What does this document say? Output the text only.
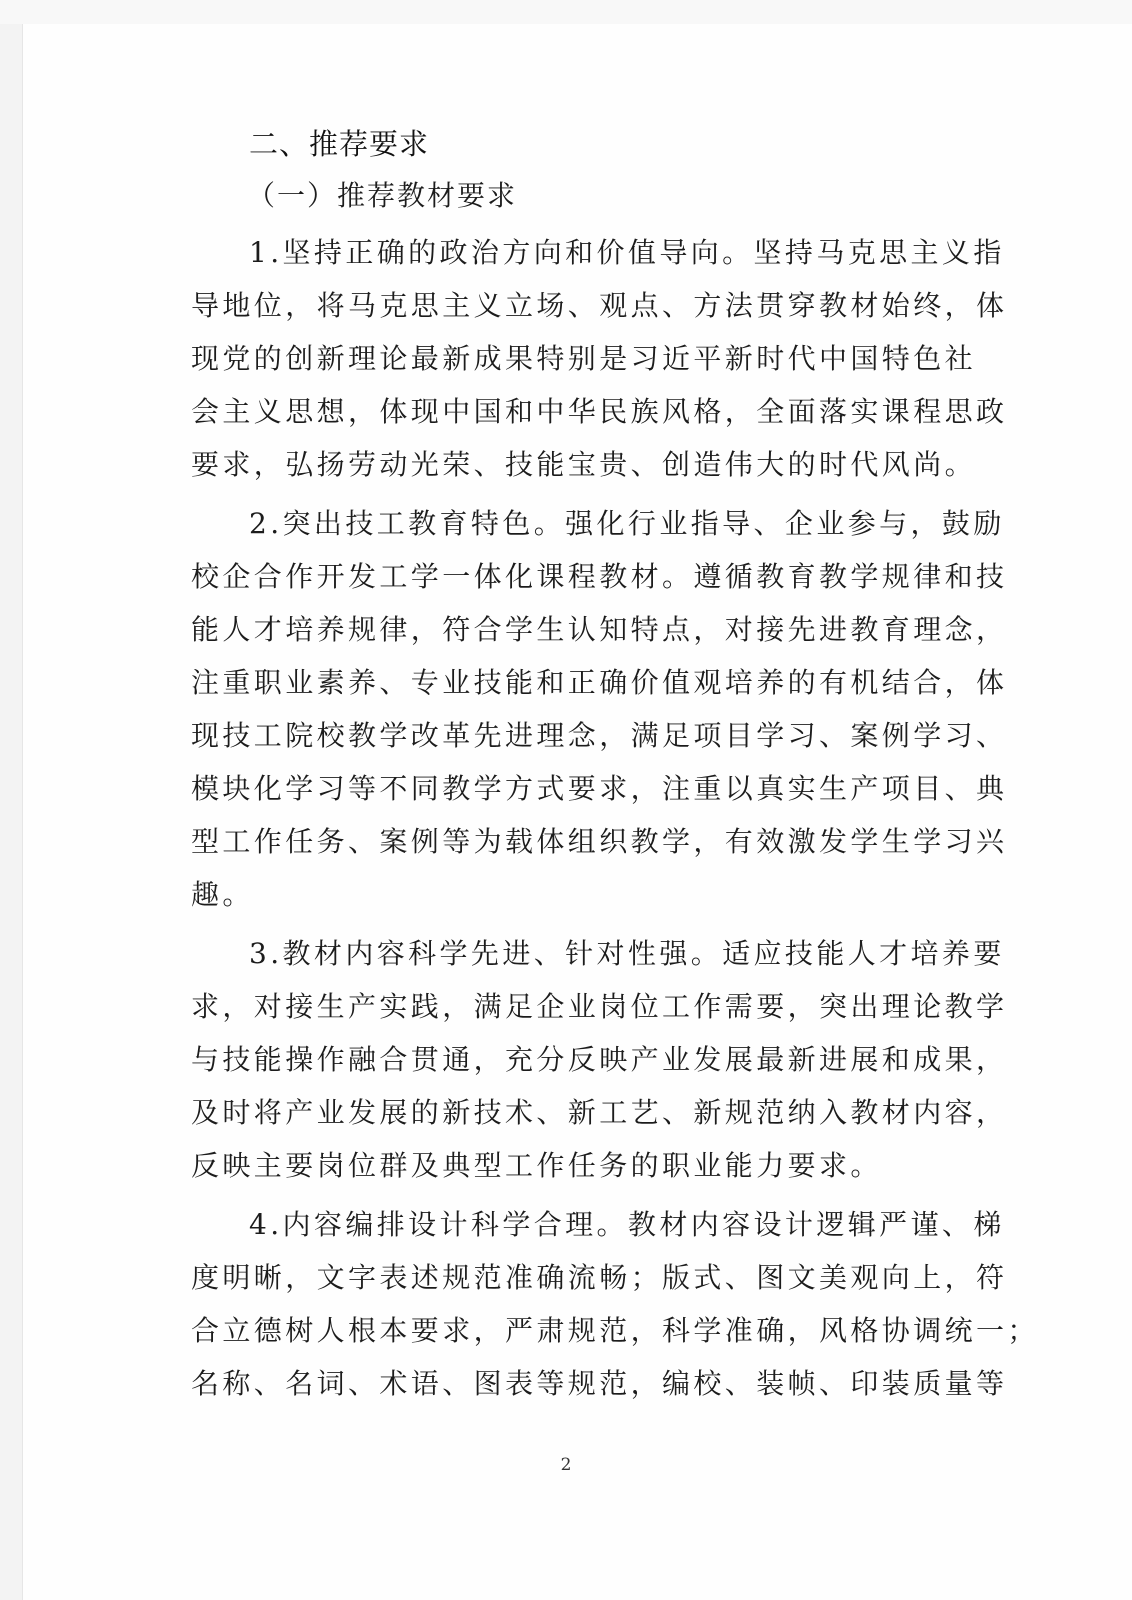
二、推荐要求
（一）推荐教材要求
1.坚持正确的政治方向和价值导向。坚持马克思主义指
导地位，将马克思主义立场、观点、方法贯穿教材始终，体
现党的创新理论最新成果特别是习近平新时代中国特色社
会主义思想，体现中国和中华民族风格，全面落实课程思政
要求，弘扬劳动光荣、技能宝贵、创造伟大的时代风尚。
2.突出技工教育特色。强化行业指导、企业参与，鼓励
校企合作开发工学一体化课程教材。遵循教育教学规律和技
能人才培养规律，符合学生认知特点，对接先进教育理念，
注重职业素养、专业技能和正确价值观培养的有机结合，体
现技工院校教学改革先进理念，满足项目学习、案例学习、
模块化学习等不同教学方式要求，注重以真实生产项目、典
型工作任务、案例等为载体组织教学，有效激发学生学习兴
趣。
3.教材内容科学先进、针对性强。适应技能人才培养要
求，对接生产实践，满足企业岗位工作需要，突出理论教学
与技能操作融合贯通，充分反映产业发展最新进展和成果，
及时将产业发展的新技术、新工艺、新规范纳入教材内容，
反映主要岗位群及典型工作任务的职业能力要求。
4.内容编排设计科学合理。教材内容设计逻辑严谨、梯
度明晰，文字表述规范准确流畅；版式、图文美观向上，符
合立德树人根本要求，严肃规范，科学准确，风格协调统一；
名称、名词、术语、图表等规范，编校、装帧、印装质量等
2
